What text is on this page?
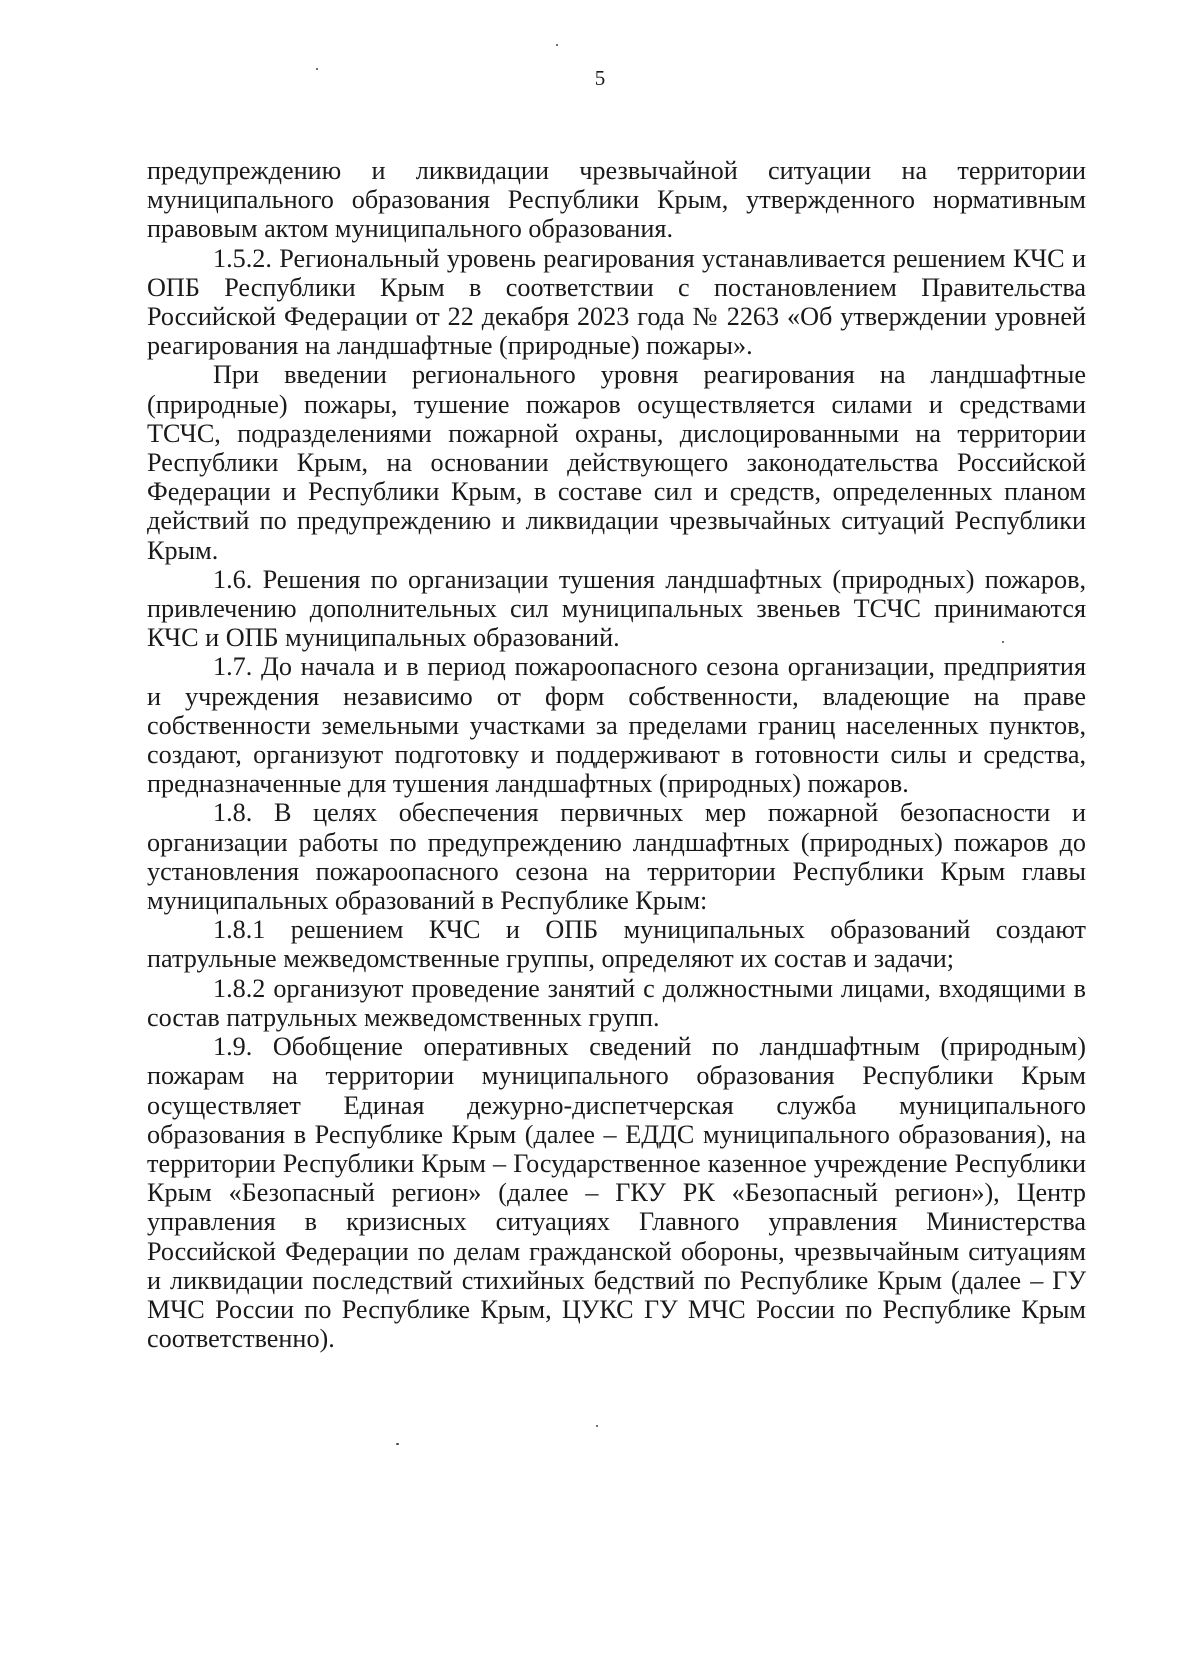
5

предупреждению и ликвидации чрезвычайной ситуации на территории муниципального образования Республики Крым, утвержденного нормативным правовым актом муниципального образования.

1.5.2. Региональный уровень реагирования устанавливается решением КЧС и ОПБ Республики Крым в соответствии с постановлением Правительства Российской Федерации от 22 декабря 2023 года № 2263 «Об утверждении уровней реагирования на ландшафтные (природные) пожары».

При введении регионального уровня реагирования на ландшафтные (природные) пожары, тушение пожаров осуществляется силами и средствами ТСЧС, подразделениями пожарной охраны, дислоцированными на территории Республики Крым, на основании действующего законодательства Российской Федерации и Республики Крым, в составе сил и средств, определенных планом действий по предупреждению и ликвидации чрезвычайных ситуаций Республики Крым.

1.6. Решения по организации тушения ландшафтных (природных) пожаров, привлечению дополнительных сил муниципальных звеньев ТСЧС принимаются КЧС и ОПБ муниципальных образований.

1.7. До начала и в период пожароопасного сезона организации, предприятия и учреждения независимо от форм собственности, владеющие на праве собственности земельными участками за пределами границ населенных пунктов, создают, организуют подготовку и поддерживают в готовности силы и средства, предназначенные для тушения ландшафтных (природных) пожаров.

1.8. В целях обеспечения первичных мер пожарной безопасности и организации работы по предупреждению ландшафтных (природных) пожаров до установления пожароопасного сезона на территории Республики Крым главы муниципальных образований в Республике Крым:

1.8.1 решением КЧС и ОПБ муниципальных образований создают патрульные межведомственные группы, определяют их состав и задачи;

1.8.2 организуют проведение занятий с должностными лицами, входящими в состав патрульных межведомственных групп.

1.9. Обобщение оперативных сведений по ландшафтным (природным) пожарам на территории муниципального образования Республики Крым осуществляет Единая дежурно-диспетчерская служба муниципального образования в Республике Крым (далее – ЕДДС муниципального образования), на территории Республики Крым – Государственное казенное учреждение Республики Крым «Безопасный регион» (далее – ГКУ РК «Безопасный регион»), Центр управления в кризисных ситуациях Главного управления Министерства Российской Федерации по делам гражданской обороны, чрезвычайным ситуациям и ликвидации последствий стихийных бедствий по Республике Крым (далее – ГУ МЧС России по Республике Крым, ЦУКС ГУ МЧС России по Республике Крым соответственно).
